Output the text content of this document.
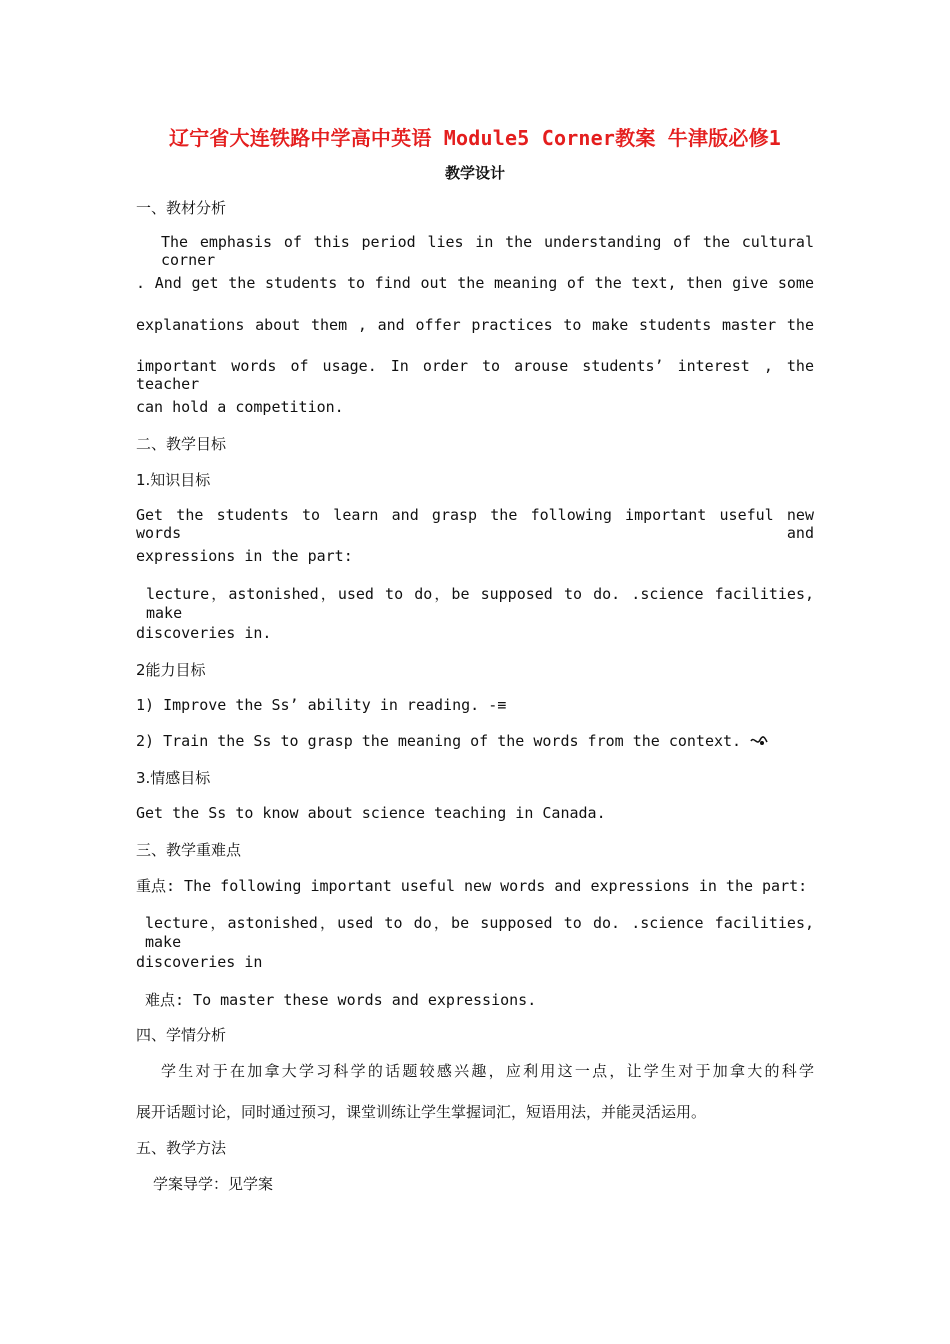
辽宁省大连铁路中学高中英语 Module5 Corner教案 牛津版必修1
教学设计
一、教材分析
The emphasis of this period lies in the understanding of the cultural corner
. And get the students to find out the meaning of the text, then give some
explanations about them , and offer practices to make students master the
important words of usage. In order to arouse students’ interest , the teacher
can hold a competition.
二、教学目标
1.知识目标
Get the students to learn and grasp the following important useful new words and
expressions in the part:
lecture，astonished，used to do，be supposed to do. .science facilities, make
discoveries in.
2能力目标
1) Improve the Ss’ ability in reading. -≡
2) Train the Ss to grasp the meaning of the words from the context.
3.情感目标
Get the Ss to know about science teaching in Canada.
三、教学重难点
重点: The following important useful new words and expressions in the part:
lecture，astonished，used to do，be supposed to do. .science facilities, make
discoveries in
难点: To master these words and expressions.
四、学情分析
学生对于在加拿大学习科学的话题较感兴趣，应利用这一点，让学生对于加拿大的科学
展开话题讨论，同时通过预习，课堂训练让学生掌握词汇，短语用法，并能灵活运用。
五、教学方法
学案导学：见学案
